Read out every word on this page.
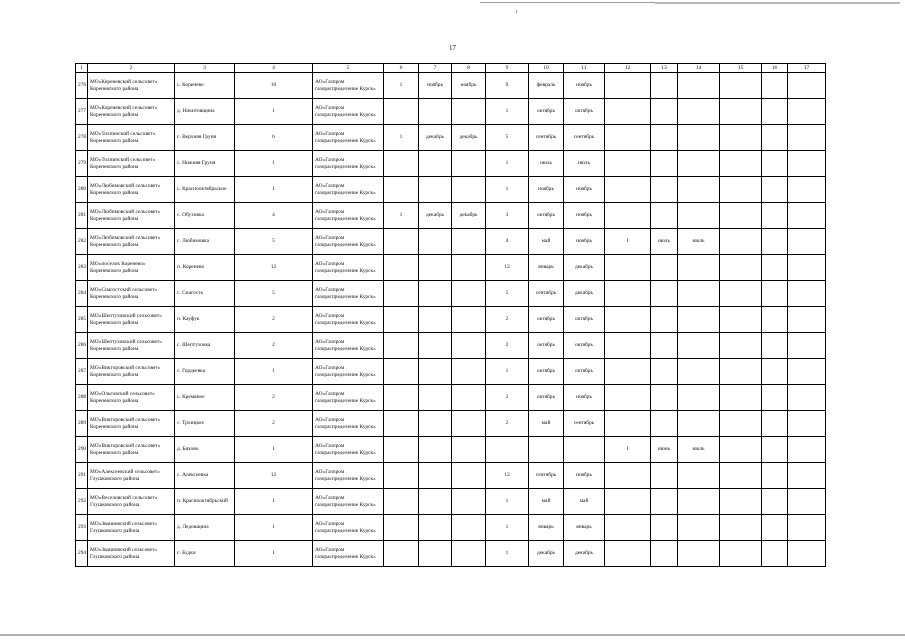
17
1	2	3	4	5	6	7	8	9	10	11	12	13	14	15	16	17
276	МО«Кореневский сельсовет» Кореневского района	с. Коренево	10	АО«Газпром газораспределение Курск»	1	ноябрь	ноябрь	9	февраль	ноябрь						
277	МО«Кореневский сельсовет» Кореневского района	д. Никитовщина	1	АО«Газпром газораспределение Курск»				1	октябрь	октябрь						
278	МО«Толпинский сельсовет» Кореневского района	с. Верхняя Груня	6	АО«Газпром газораспределение Курск»	1	декабрь	декабрь	5	сентябрь	сентябрь						
279	МО«Толпинский сельсовет» Кореневского района	с. Нижняя Груня	1	АО«Газпром газораспределение Курск»				1	июль	июль						
280	МО«Любимовский сельсовет» Кореневского района	с. Краснооктябрьское	1	АО«Газпром газораспределение Курск»				1	ноябрь	ноябрь						
281	МО«Любимовский сельсовет» Кореневского района	с. Обуховка	4	АО«Газпром газораспределение Курск»	1	декабрь	декабрь	3	октябрь	ноябрь						
282	МО«Любимовский сельсовет» Кореневского района	с. Любимовка	5	АО«Газпром газораспределение Курск»				4	май	ноябрь	1	июль	июль			
283	МО«поселок Коренево» Кореневского района	п. Коренево	12	АО«Газпром газораспределение Курск»				12	январь	декабрь						
284	МО«Снагостский сельсовет» Кореневского района	с. Снагость	5	АО«Газпром газораспределение Курск»				5	сентябрь	декабрь						
285	МО«Шептуховский сельсовет» Кореневского района	п. Кауфук	2	АО«Газпром газораспределение Курск»				2	октябрь	октябрь						
286	МО«Шептуховский сельсовет» Кореневского района	с. Шептуховка	2	АО«Газпром газораспределение Курск»				2	октябрь	октябрь						
287	МО«Викторовский сельсовет» Кореневского района	с. Гордеевка	1	АО«Газпром газораспределение Курск»				1	октябрь	октябрь						
288	МО«Ольговский сельсовет» Кореневского района	с. Кремяное	2	АО«Газпром газораспределение Курск»				2	октябрь	ноябрь						
289	МО«Викторовский сельсовет» Кореневского района	с. Троицкое	2	АО«Газпром газораспределение Курск»				2	май	сентябрь						
290	МО«Викторовский сельсовет» Кореневского района	д. Бяхово	1	АО«Газпром газораспределение Курск»							1	июнь	июль			
291	МО«Алексеевский сельсовет» Глушковского района	с. Алексеевка	12	АО«Газпром газораспределение Курск»				12	сентябрь	ноябрь						
292	МО«Веселовский сельсовет» Глушковского района	п. Краснооктябрьский	1	АО«Газпром газораспределение Курск»				1	май	май						
293	МО«Званновский сельсовет» Глушковского района	д. Ледовщина	1	АО«Газпром газораспределение Курск»				1	январь	январь						
294	МО«Званновский сельсовет» Глушковского района	с. Будки	1	АО«Газпром газораспределение Курск»				1	декабрь	декабрь						
